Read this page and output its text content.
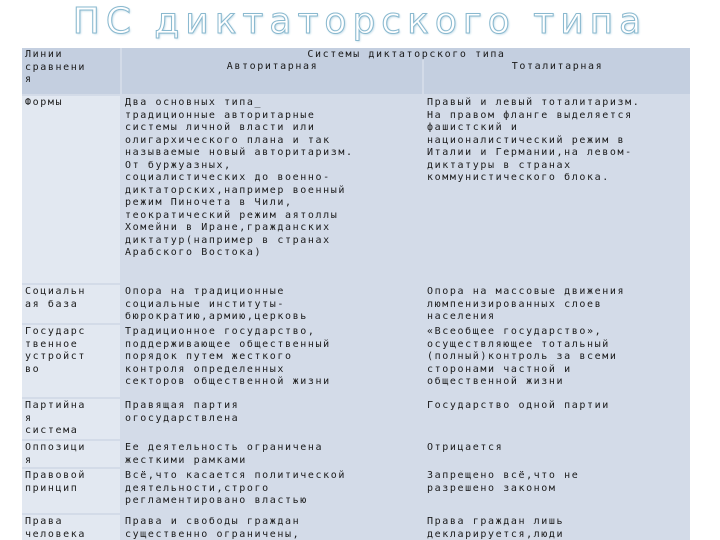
ПС диктаторского типа
Линии
сравнени
я
Системы диктаторского типа
Авторитарная	Тоталитарная
Формы	Два основных типа_
традиционные авторитарные
системы личной власти или
олигархического плана и так
называемые новый авторитаризм.
От буржуазных,
социалистических до военно-
диктаторских,например военный
режим Пиночета в Чили,
теократический режим аятоллы
Хомейни в Иране,гражданских
диктатур(например в странах
Арабского Востока)
Правый и левый тоталитаризм.
На правом фланге выделяется
фашистский и
националистический режим в
Италии и Германии,на левом-
диктатуры в странах
коммунистического блока.
Социальн
ая база
Опора на традиционные
социальные институты-
бюрократию,армию,церковь
Опора на массовые движения
люмпенизированных слоев
населения
Государс
твенное
устройст
во
Традиционное государство,
поддерживающее общественный
порядок путем жесткого
контроля определенных
секторов общественной жизни
«Всеобщее государство»,
осуществляющее тотальный
(полный)контроль за всеми
сторонами частной и
общественной жизни
Партийна
я
система
Правящая партия
огосударствлена
Государство одной партии
Оппозици
я
Ее деятельность ограничена
жесткими рамками
Отрицается
Правовой
принцип
Всё,что касается политической
деятельности,строго
регламентировано властью
Запрещено всё,что не
разрешено законом
Права
человека
Права и свободы граждан
существенно ограничены,
Права граждан лишь
декларируется,люди
